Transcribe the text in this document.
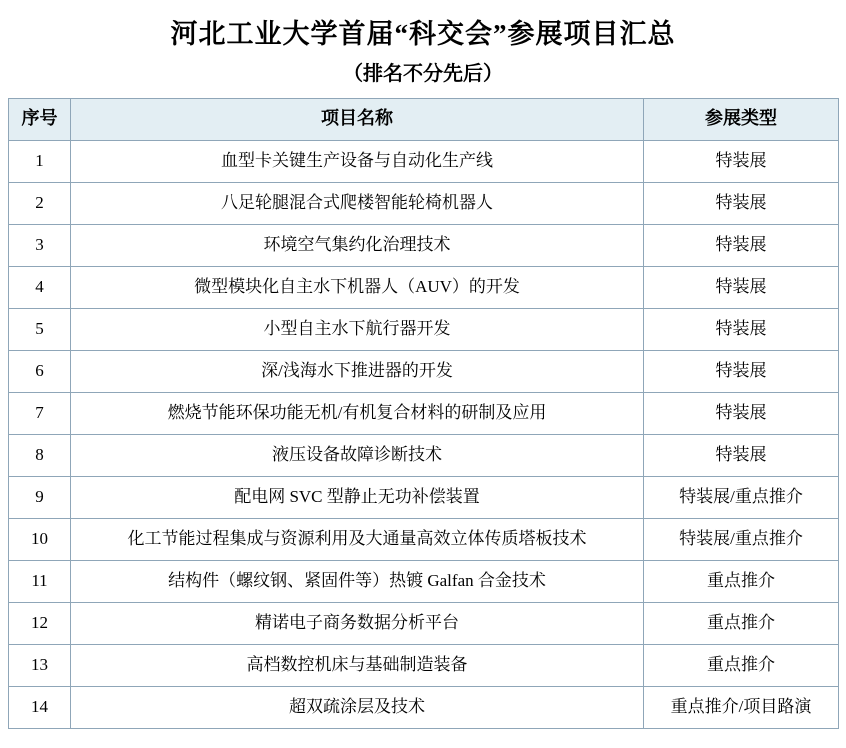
河北工业大学首届“科交会”参展项目汇总
（排名不分先后）
序号	项目名称	参展类型
1	血型卡关键生产设备与自动化生产线	特装展
2	八足轮腿混合式爬楼智能轮椅机器人	特装展
3	环境空气集约化治理技术	特装展
4	微型模块化自主水下机器人（AUV）的开发	特装展
5	小型自主水下航行器开发	特装展
6	深/浅海水下推进器的开发	特装展
7	燃烧节能环保功能无机/有机复合材料的研制及应用	特装展
8	液压设备故障诊断技术	特装展
9	配电网 SVC 型静止无功补偿装置	特装展/重点推介
10	化工节能过程集成与资源利用及大通量高效立体传质塔板技术	特装展/重点推介
11	结构件（螺纹钢、紧固件等）热镀 Galfan 合金技术	重点推介
12	精诺电子商务数据分析平台	重点推介
13	高档数控机床与基础制造装备	重点推介
14	超双疏涂层及技术	重点推介/项目路演
